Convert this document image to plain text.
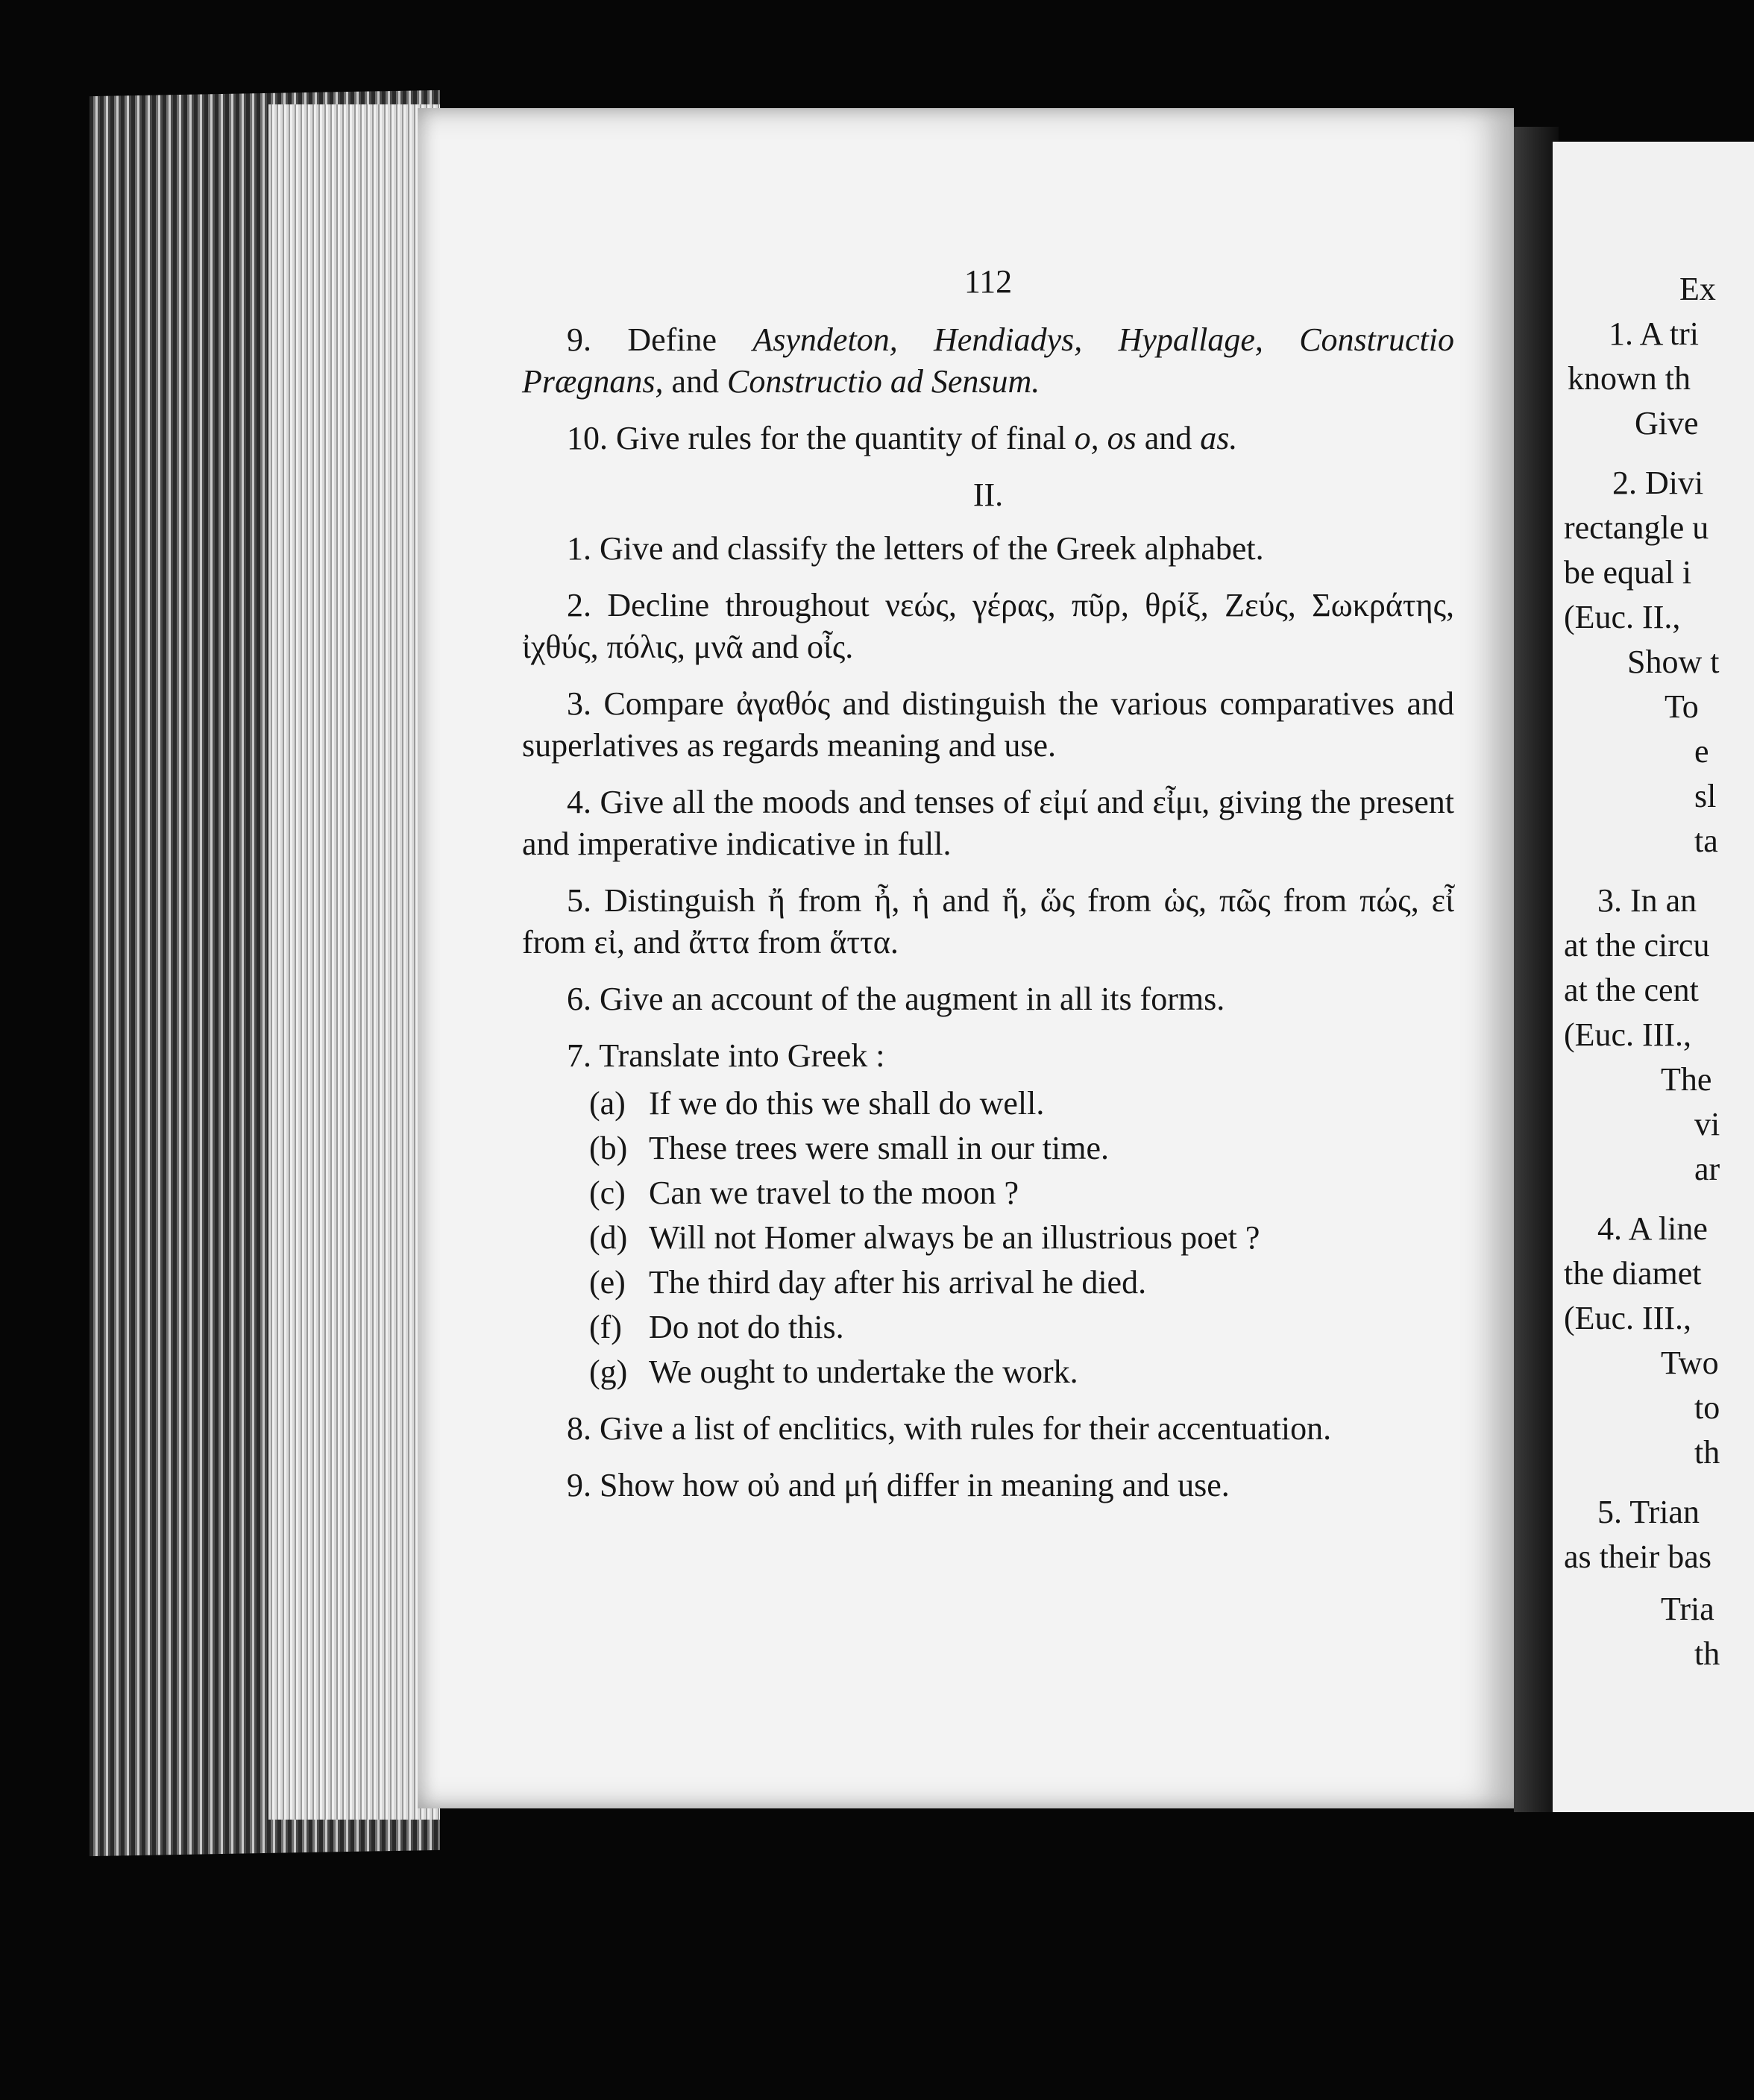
Ex
1. A tri
known th
Give
2. Divi
rectangle u
be equal i
(Euc. II.,
Show t
To
e
sl
ta
3. In an
at the circu
at the cent
(Euc. III.,
The
vi
ar
4. A line
the diamet
(Euc. III.,
Two
to
th
5. Trian
as their bas
Tria
th
112

9. Define Asyndeton, Hendiadys, Hypallage, Constructio Prægnans, and Constructio ad Sensum.

10. Give rules for the quantity of final o, os and as.

II.

1. Give and classify the letters of the Greek alphabet.

2. Decline throughout νεώς, γέρας, πῦρ, θρίξ, Ζεύς, Σωκράτης, ἰχθύς, πόλις, μνᾶ and οἶς.

3. Compare ἀγαθός and distinguish the various comparatives and superlatives as regards meaning and use.

4. Give all the moods and tenses of εἰμί and εἶμι, giving the present and imperative indicative in full.

5. Distinguish ἤ from ἦ, ἡ and ἥ, ὥς from ὡς, πῶς from πώς, εἶ from εἰ, and ἄττα from ἅττα.

6. Give an account of the augment in all its forms.

7. Translate into Greek :

(a) If we do this we shall do well.
(b) These trees were small in our time.
(c) Can we travel to the moon ?
(d) Will not Homer always be an illustrious poet ?
(e) The third day after his arrival he died.
(f) Do not do this.
(g) We ought to undertake the work.

8. Give a list of enclitics, with rules for their accentuation.

9. Show how οὐ and μή differ in meaning and use.
